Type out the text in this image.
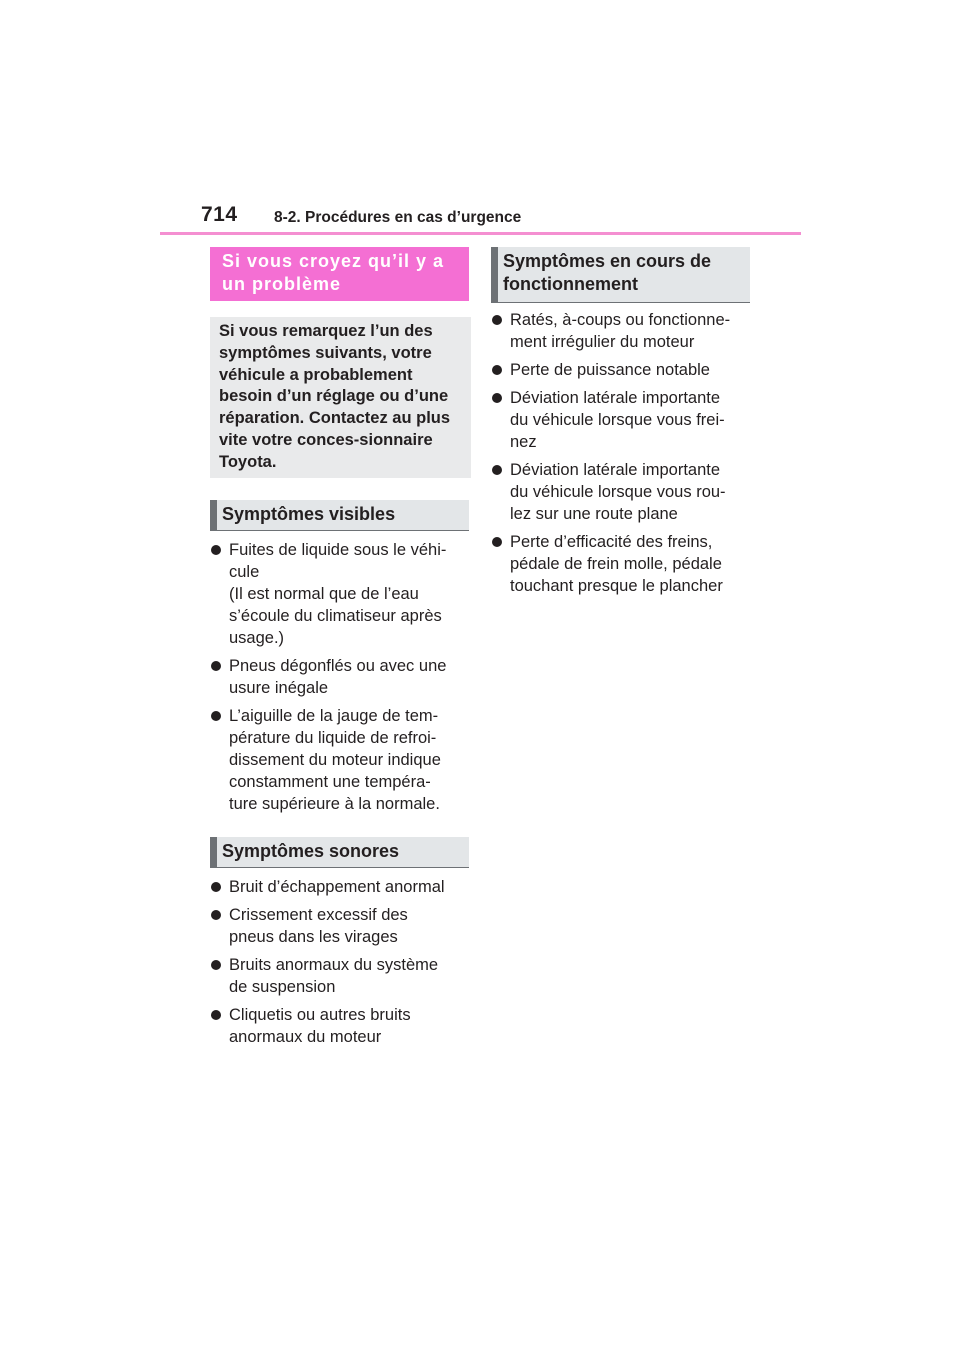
714 8-2. Procédures en cas d’urgence
Si vous croyez qu’il y a un problème
Si vous remarquez l’un des symptômes suivants, votre véhicule a probablement besoin d’un réglage ou d’une réparation. Contactez au plus vite votre conces-sionnaire Toyota.
Symptômes visibles
Fuites de liquide sous le véhi-
cule
(Il est normal que de l’eau
s’écoule du climatiseur après
usage.)
Pneus dégonflés ou avec une
usure inégale
L’aiguille de la jauge de tem-
pérature du liquide de refroi-
dissement du moteur indique
constamment une tempéra-
ture supérieure à la normale.
Symptômes sonores
Bruit d’échappement anormal
Crissement excessif des
pneus dans les virages
Bruits anormaux du système
de suspension
Cliquetis ou autres bruits
anormaux du moteur
Symptômes en cours de fonctionnement
Ratés, à-coups ou fonctionne-
ment irrégulier du moteur
Perte de puissance notable
Déviation latérale importante
du véhicule lorsque vous frei-
nez
Déviation latérale importante
du véhicule lorsque vous rou-
lez sur une route plane
Perte d’efficacité des freins,
pédale de frein molle, pédale
touchant presque le plancher
